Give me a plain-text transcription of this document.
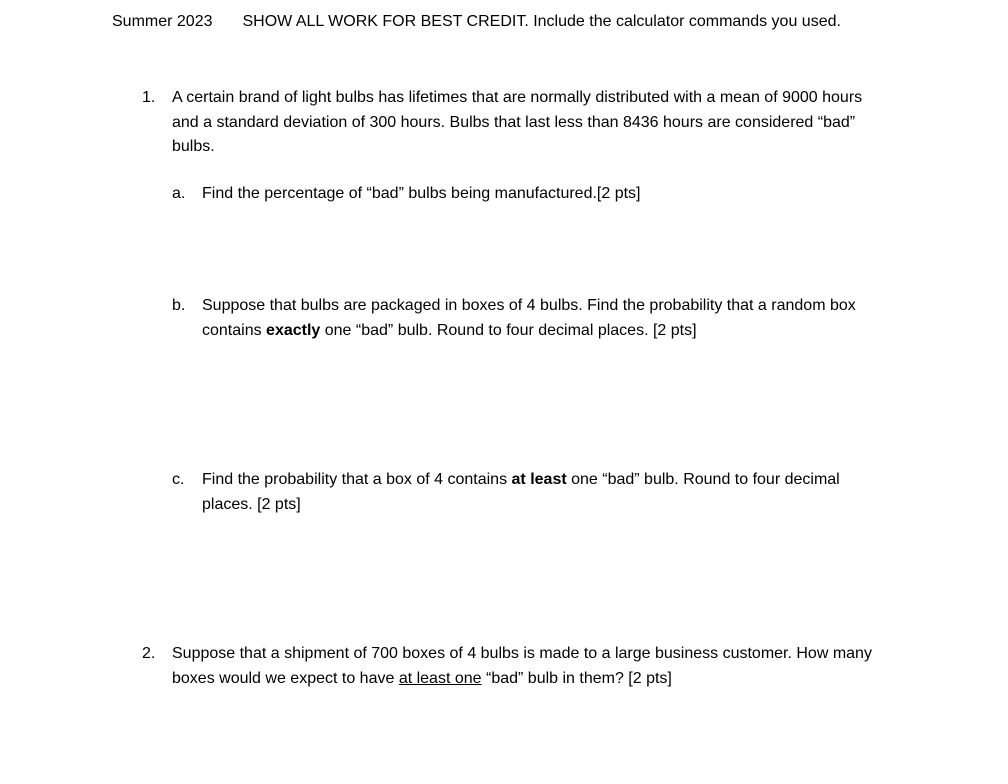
Summer 2023 SHOW ALL WORK FOR BEST CREDIT. Include the calculator commands you used.
1. A certain brand of light bulbs has lifetimes that are normally distributed with a mean of 9000 hours and a standard deviation of 300 hours. Bulbs that last less than 8436 hours are considered “bad” bulbs.
a. Find the percentage of “bad” bulbs being manufactured.[2 pts]
b. Suppose that bulbs are packaged in boxes of 4 bulbs. Find the probability that a random box contains exactly one “bad” bulb. Round to four decimal places. [2 pts]
c. Find the probability that a box of 4 contains at least one “bad” bulb. Round to four decimal places. [2 pts]
2. Suppose that a shipment of 700 boxes of 4 bulbs is made to a large business customer. How many boxes would we expect to have at least one “bad” bulb in them? [2 pts]
